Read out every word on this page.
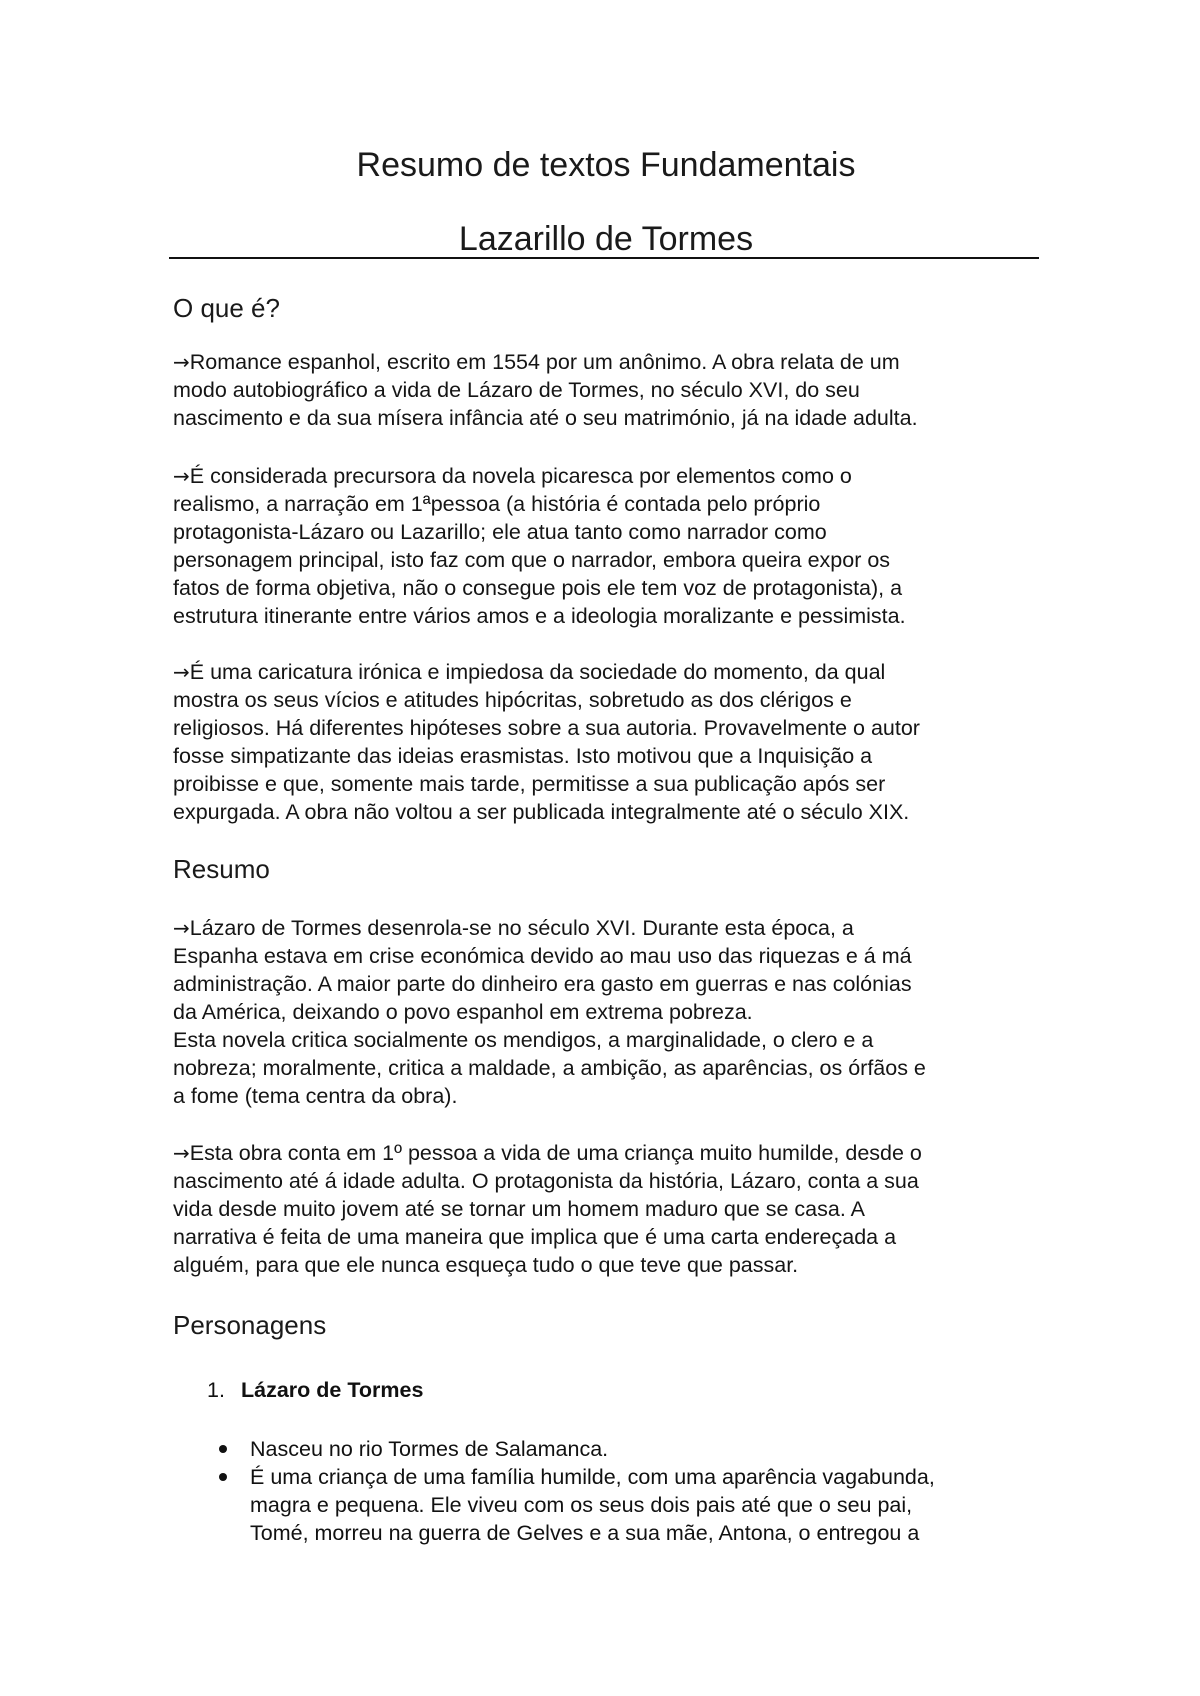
Resumo de textos Fundamentais
Lazarillo de Tormes
O que é?

→Romance espanhol, escrito em 1554 por um anônimo. A obra relata de um
modo autobiográfico a vida de Lázaro de Tormes, no século XVI, do seu
nascimento e da sua mísera infância até o seu matrimónio, já na idade adulta.

→É considerada precursora da novela picaresca por elementos como o
realismo, a narração em 1ªpessoa (a história é contada pelo próprio
protagonista-Lázaro ou Lazarillo; ele atua tanto como narrador como
personagem principal, isto faz com que o narrador, embora queira expor os
fatos de forma objetiva, não o consegue pois ele tem voz de protagonista), a
estrutura itinerante entre vários amos e a ideologia moralizante e pessimista.

→É uma caricatura irónica e impiedosa da sociedade do momento, da qual
mostra os seus vícios e atitudes hipócritas, sobretudo as dos clérigos e
religiosos. Há diferentes hipóteses sobre a sua autoria. Provavelmente o autor
fosse simpatizante das ideias erasmistas. Isto motivou que a Inquisição a
proibisse e que, somente mais tarde, permitisse a sua publicação após ser
expurgada. A obra não voltou a ser publicada integralmente até o século XIX.

Resumo

→Lázaro de Tormes desenrola-se no século XVI. Durante esta época, a
Espanha estava em crise económica devido ao mau uso das riquezas e á má
administração. A maior parte do dinheiro era gasto em guerras e nas colónias
da América, deixando o povo espanhol em extrema pobreza.
Esta novela critica socialmente os mendigos, a marginalidade, o clero e a
nobreza; moralmente, critica a maldade, a ambição, as aparências, os órfãos e
a fome (tema centra da obra).

→Esta obra conta em 1º pessoa a vida de uma criança muito humilde, desde o
nascimento até á idade adulta. O protagonista da história, Lázaro, conta a sua
vida desde muito jovem até se tornar um homem maduro que se casa. A
narrativa é feita de uma maneira que implica que é uma carta endereçada a
alguém, para que ele nunca esqueça tudo o que teve que passar.

Personagens

1. Lázaro de Tormes

Nasceu no rio Tormes de Salamanca.
É uma criança de uma família humilde, com uma aparência vagabunda,
magra e pequena. Ele viveu com os seus dois pais até que o seu pai,
Tomé, morreu na guerra de Gelves e a sua mãe, Antona, o entregou a
